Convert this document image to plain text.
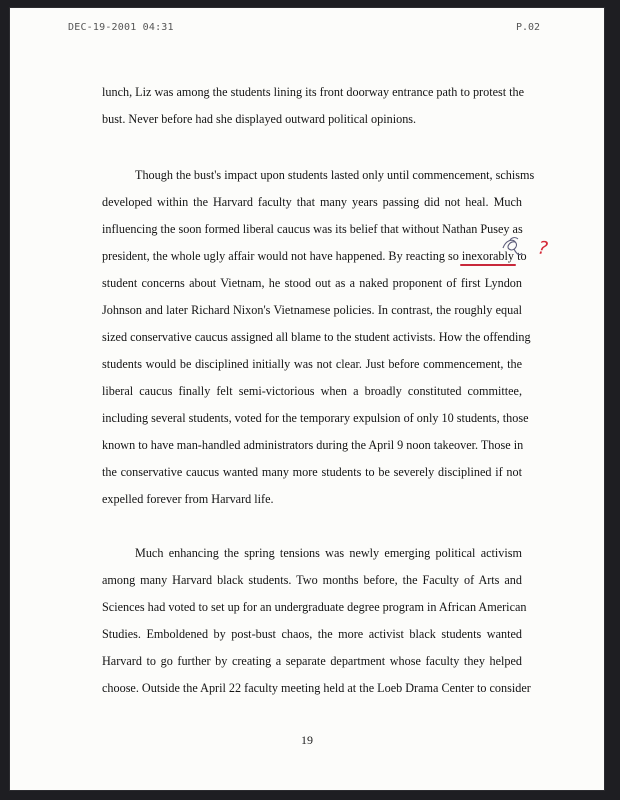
DEC-19-2001 04:31	P.02
lunch, Liz was among the students lining its front doorway entrance path to protest the
bust. Never before had she displayed outward political opinions.
Though the bust's impact upon students lasted only until commencement, schisms
developed within the Harvard faculty that many years passing did not heal. Much
influencing the soon formed liberal caucus was its belief that without Nathan Pusey as
president, the whole ugly affair would not have happened. By reacting so inexorably to
student concerns about Vietnam, he stood out as a naked proponent of first Lyndon
Johnson and later Richard Nixon's Vietnamese policies. In contrast, the roughly equal
sized conservative caucus assigned all blame to the student activists. How the offending
students would be disciplined initially was not clear. Just before commencement, the
liberal caucus finally felt semi-victorious when a broadly constituted committee,
including several students, voted for the temporary expulsion of only 10 students, those
known to have man-handled administrators during the April 9 noon takeover. Those in
the conservative caucus wanted many more students to be severely disciplined if not
expelled forever from Harvard life.
Much enhancing the spring tensions was newly emerging political activism
among many Harvard black students. Two months before, the Faculty of Arts and
Sciences had voted to set up for an undergraduate degree program in African American
Studies. Emboldened by post-bust chaos, the more activist black students wanted
Harvard to go further by creating a separate department whose faculty they helped
choose. Outside the April 22 faculty meeting held at the Loeb Drama Center to consider
?
19
